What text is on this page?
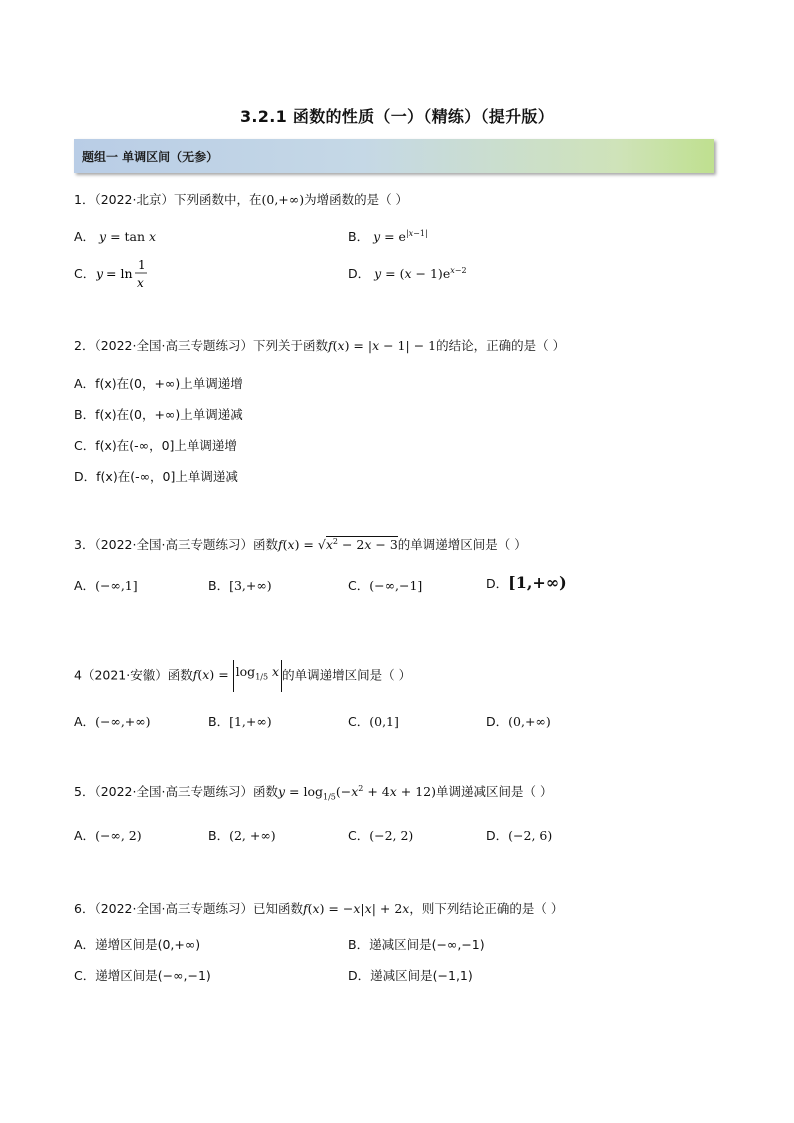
3.2.1 函数的性质（一）（精练）（提升版）
题组一 单调区间（无参）
1．（2022·北京）下列函数中，在(0,+∞)为增函数的是（ ）
A． y = tan x	B． $y = e^{|x-1|}$
C． y = ln
1
x
D． $y = (x - 1)e^{x-2}$
2．（2022·全国·高三专题练习）下列关于函数f(x) = |x − 1| − 1的结论，正确的是（ ）
A．f(x)在(0，+∞)上单调递增
B．f(x)在(0，+∞)上单调递减
C．f(x)在(-∞，0]上单调递增
D．f(x)在(-∞，0]上单调递减
3．（2022·全国·高三专题练习）函数$f(x) = √x^2 - 2x - 3$的单调递增区间是（ ）
A．(−∞,1]	B．[3,+∞)	C．(−∞,−1]	D．[1,+∞)
4（2021·安徽）函数$f(x) = \log_{1/5} x$ 的单调递增区间是（ ）
A．(−∞,+∞)	B．[1,+∞)	C．(0,1]	D．(0,+∞)
5．（2022·全国·高三专题练习）函数$y = \log_{1/5}(-x^2 + 4x + 12)$单调递减区间是（ ）
A．(−∞, 2)	B．(2, +∞)	C．(−2, 2)	D．(−2, 6)
6．（2022·全国·高三专题练习）已知函数f(x) = −x|x| + 2x，则下列结论正确的是（ ）
A．递增区间是(0,+∞)	B．递减区间是(−∞,−1)
C．递增区间是(−∞,−1)	D．递减区间是(−1,1)
